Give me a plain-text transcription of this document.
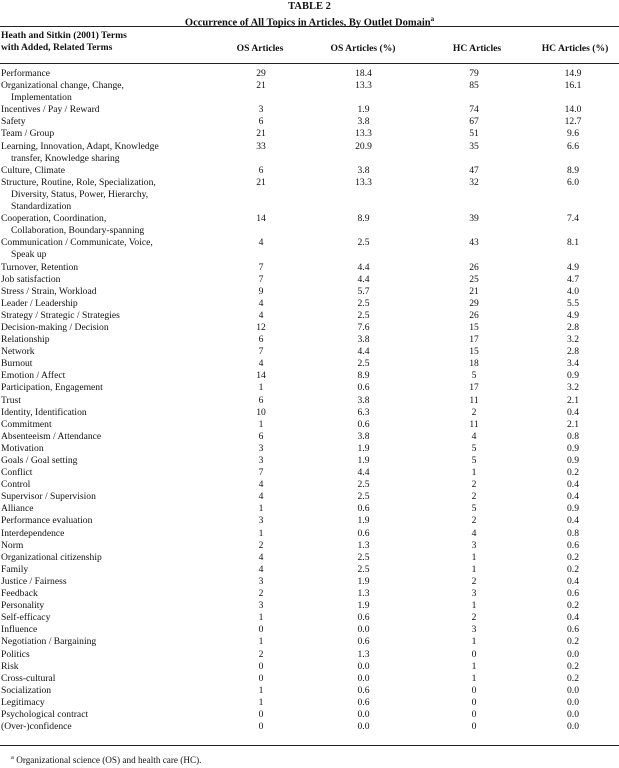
TABLE 2
Occurrence of All Topics in Articles, By Outlet Domain$^a$
Heath and Sitkin (2001) Terms
with Added, Related Terms	OS Articles	OS Articles (%)	HC Articles	HC Articles (%)
Performance	29	18.4	79	14.9

Organizational change, Change,
Implementation	21	13.3	85	16.1

Incentives / Pay / Reward	3	1.9	74	14.0

Safety	6	3.8	67	12.7

Team / Group	21	13.3	51	9.6

Learning, Innovation, Adapt, Knowledge
transfer, Knowledge sharing	33	20.9	35	6.6

Culture, Climate	6	3.8	47	8.9

Structure, Routine, Role, Specialization,
Diversity, Status, Power, Hierarchy,
Standardization	21	13.3	32	6.0

Cooperation, Coordination,
Collaboration, Boundary-spanning	14	8.9	39	7.4

Communication / Communicate, Voice,
Speak up	4	2.5	43	8.1

Turnover, Retention	7	4.4	26	4.9

Job satisfaction	7	4.4	25	4.7

Stress / Strain, Workload	9	5.7	21	4.0

Leader / Leadership	4	2.5	29	5.5

Strategy / Strategic / Strategies	4	2.5	26	4.9

Decision-making / Decision	12	7.6	15	2.8

Relationship	6	3.8	17	3.2

Network	7	4.4	15	2.8

Burnout	4	2.5	18	3.4

Emotion / Affect	14	8.9	5	0.9

Participation, Engagement	1	0.6	17	3.2

Trust	6	3.8	11	2.1

Identity, Identification	10	6.3	2	0.4

Commitment	1	0.6	11	2.1

Absenteeism / Attendance	6	3.8	4	0.8

Motivation	3	1.9	5	0.9

Goals / Goal setting	3	1.9	5	0.9

Conflict	7	4.4	1	0.2

Control	4	2.5	2	0.4

Supervisor / Supervision	4	2.5	2	0.4

Alliance	1	0.6	5	0.9

Performance evaluation	3	1.9	2	0.4

Interdependence	1	0.6	4	0.8

Norm	2	1.3	3	0.6

Organizational citizenship	4	2.5	1	0.2

Family	4	2.5	1	0.2

Justice / Fairness	3	1.9	2	0.4

Feedback	2	1.3	3	0.6

Personality	3	1.9	1	0.2

Self-efficacy	1	0.6	2	0.4

Influence	0	0.0	3	0.6

Negotiation / Bargaining	1	0.6	1	0.2

Politics	2	1.3	0	0.0

Risk	0	0.0	1	0.2

Cross-cultural	0	0.0	1	0.2

Socialization	1	0.6	0	0.0

Legitimacy	1	0.6	0	0.0

Psychological contract	0	0.0	0	0.0

(Over-)confidence	0	0.0	0	0.0
$^a$ Organizational science (OS) and health care (HC).
